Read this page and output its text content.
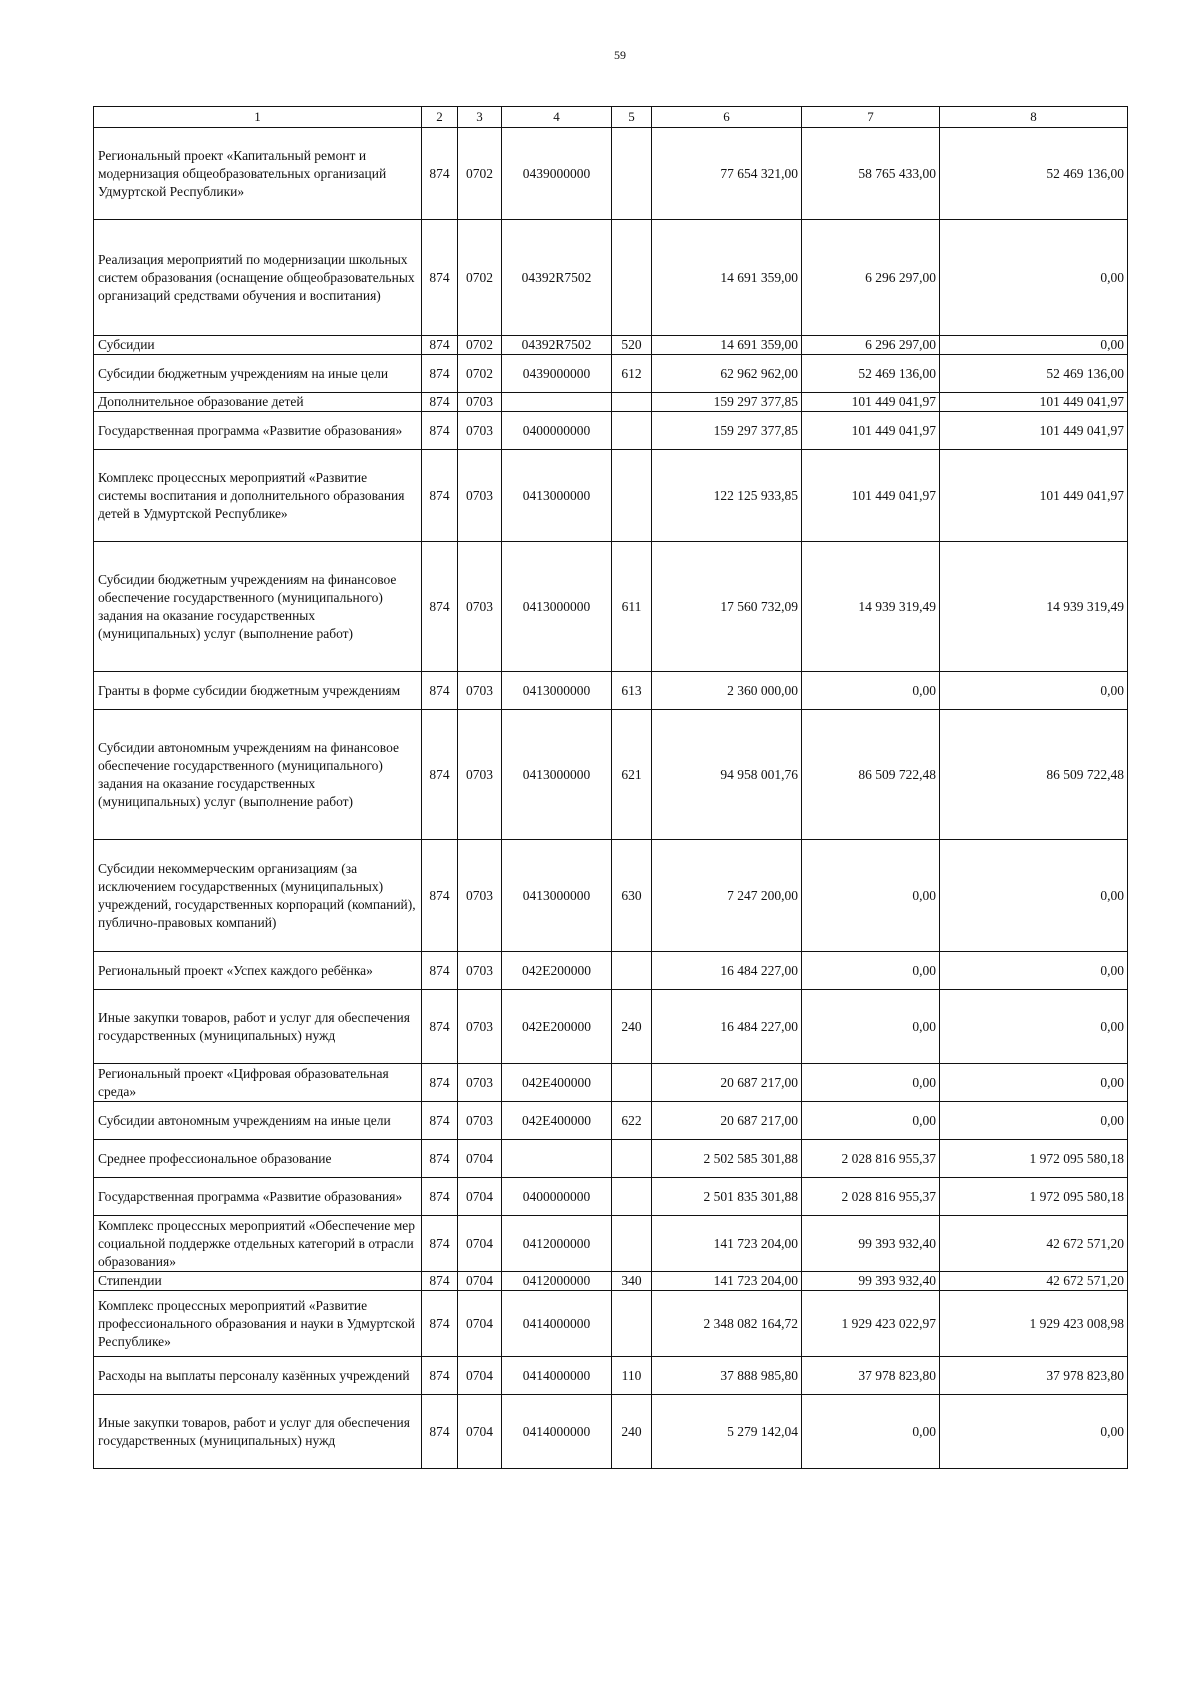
59
1	2	3	4	5	6	7	8
Региональный проект «Капитальный ремонт и модернизация общеобразовательных организаций Удмуртской Республики»	874	0702	0439000000		77 654 321,00	58 765 433,00	52 469 136,00
Реализация мероприятий по модернизации школьных систем образования (оснащение общеобразовательных организаций средствами обучения и воспитания)	874	0702	04392R7502		14 691 359,00	6 296 297,00	0,00
Субсидии	874	0702	04392R7502	520	14 691 359,00	6 296 297,00	0,00
Субсидии бюджетным учреждениям на иные цели	874	0702	0439000000	612	62 962 962,00	52 469 136,00	52 469 136,00
Дополнительное образование детей	874	0703			159 297 377,85	101 449 041,97	101 449 041,97
Государственная программа «Развитие образования»	874	0703	0400000000		159 297 377,85	101 449 041,97	101 449 041,97
Комплекс процессных мероприятий «Развитие системы воспитания и дополнительного образования детей в Удмуртской Республике»	874	0703	0413000000		122 125 933,85	101 449 041,97	101 449 041,97
Субсидии бюджетным учреждениям на финансовое обеспечение государственного (муниципального) задания на оказание государственных (муниципальных) услуг (выполнение работ)	874	0703	0413000000	611	17 560 732,09	14 939 319,49	14 939 319,49
Гранты в форме субсидии бюджетным учреждениям	874	0703	0413000000	613	2 360 000,00	0,00	0,00
Субсидии автономным учреждениям на финансовое обеспечение государственного (муниципального) задания на оказание государственных (муниципальных) услуг (выполнение работ)	874	0703	0413000000	621	94 958 001,76	86 509 722,48	86 509 722,48
Субсидии некоммерческим организациям (за исключением государственных (муниципальных) учреждений, государственных корпораций (компаний), публично-правовых компаний)	874	0703	0413000000	630	7 247 200,00	0,00	0,00
Региональный проект «Успех каждого ребёнка»	874	0703	042E200000		16 484 227,00	0,00	0,00
Иные закупки товаров, работ и услуг для обеспечения государственных (муниципальных) нужд	874	0703	042E200000	240	16 484 227,00	0,00	0,00
Региональный проект «Цифровая образовательная среда»	874	0703	042E400000		20 687 217,00	0,00	0,00
Субсидии автономным учреждениям на иные цели	874	0703	042E400000	622	20 687 217,00	0,00	0,00
Среднее профессиональное образование	874	0704			2 502 585 301,88	2 028 816 955,37	1 972 095 580,18
Государственная программа «Развитие образования»	874	0704	0400000000		2 501 835 301,88	2 028 816 955,37	1 972 095 580,18
Комплекс процессных мероприятий «Обеспечение мер социальной поддержке отдельных категорий в отрасли образования»	874	0704	0412000000		141 723 204,00	99 393 932,40	42 672 571,20
Стипендии	874	0704	0412000000	340	141 723 204,00	99 393 932,40	42 672 571,20
Комплекс процессных мероприятий «Развитие профессионального образования и науки в Удмуртской Республике»	874	0704	0414000000		2 348 082 164,72	1 929 423 022,97	1 929 423 008,98
Расходы на выплаты персоналу казённых учреждений	874	0704	0414000000	110	37 888 985,80	37 978 823,80	37 978 823,80
Иные закупки товаров, работ и услуг для обеспечения государственных (муниципальных) нужд	874	0704	0414000000	240	5 279 142,04	0,00	0,00
